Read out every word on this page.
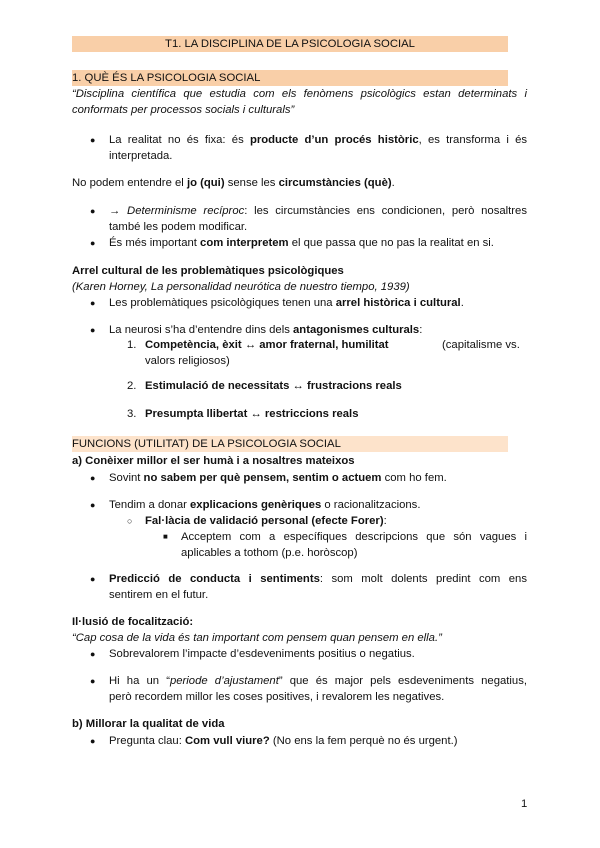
T1. LA DISCIPLINA DE LA PSICOLOGIA SOCIAL
1. QUÈ ÉS LA PSICOLOGIA SOCIAL
“Disciplina científica que estudia com els fenòmens psicològics estan determinats i
conformats per processos socials i culturals”
● La realitat no és fixa: és producte d’un procés històric, es transforma i és
interpretada.
No podem entendre el jo (qui) sense les circumstàncies (què).
● → Determinisme recíproc: les circumstàncies ens condicionen, però nosaltres
també les podem modificar.
● És més important com interpretem el que passa que no pas la realitat en si.
Arrel cultural de les problemàtiques psicològiques
(Karen Horney, La personalidad neurótica de nuestro tiempo, 1939)
● Les problemàtiques psicològiques tenen una arrel històrica i cultural.
● La neurosi s’ha d’entendre dins dels antagonismes culturals:
1. Competència, èxit ↔ amor fraternal, humilitat	(capitalisme vs.
valors religiosos)
2. Estimulació de necessitats ↔ frustracions reals
3. Presumpta llibertat ↔ restriccions reals
FUNCIONS (UTILITAT) DE LA PSICOLOGIA SOCIAL
a) Conèixer millor el ser humà i a nosaltres mateixos
● Sovint no sabem per què pensem, sentim o actuem com ho fem.
● Tendim a donar explicacions genèriques o racionalitzacions.
○ Fal·làcia de validació personal (efecte Forer):
■ Acceptem com a específiques descripcions que són vagues i
aplicables a tothom (p.e. horòscop)
● Predicció de conducta i sentiments: som molt dolents predint com ens
sentirem en el futur.
Il·lusió de focalització:
“Cap cosa de la vida és tan important com pensem quan pensem en ella.”
● Sobrevalorem l’impacte d’esdeveniments positius o negatius.
● Hi ha un “periode d’ajustament” que és major pels esdeveniments negatius,
però recordem millor les coses positives, i revalorem les negatives.
b) Millorar la qualitat de vida
● Pregunta clau: Com vull viure? (No ens la fem perquè no és urgent.)
1
